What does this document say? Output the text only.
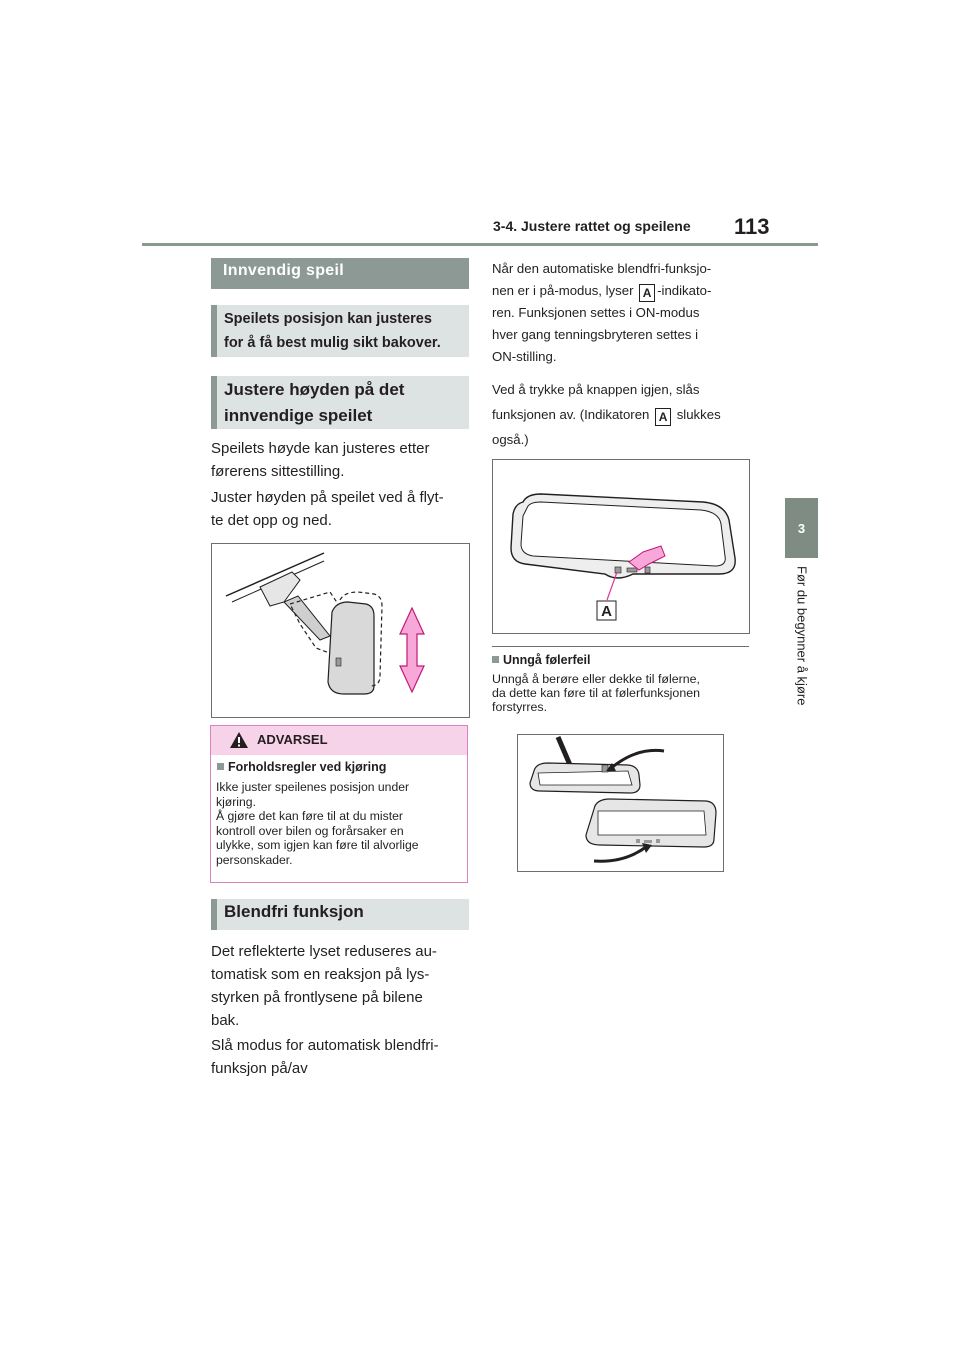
3-4. Justere rattet og speilene 113
3
Før du begynner å kjøre
Innvendig speil
Speilets posisjon kan justeres
for å få best mulig sikt bakover.
Justere høyden på det
innvendige speilet
Speilets høyde kan justeres etter
førerens sittestilling.
Juster høyden på speilet ved å flyt-
te det opp og ned.
ADVARSEL
Forholdsregler ved kjøring
Ikke juster speilenes posisjon under
kjøring.
Å gjøre det kan føre til at du mister
kontroll over bilen og forårsaker en
ulykke, som igjen kan føre til alvorlige
personskader.
Blendfri funksjon
Det reflekterte lyset reduseres au-
tomatisk som en reaksjon på lys-
styrken på frontlysene på bilene
bak.
Slå modus for automatisk blendfri-
funksjon på/av
Når den automatiske blendfri-funksjo-
nen er i på-modus, lyser A -indikato-
ren. Funksjonen settes i ON-modus
hver gang tenningsbryteren settes i
ON-stilling.
Ved å trykke på knappen igjen, slås
funksjonen av. (Indikatoren A slukkes
også.)
A
Unngå følerfeil
Unngå å berøre eller dekke til følerne,
da dette kan føre til at følerfunksjonen
forstyrres.
